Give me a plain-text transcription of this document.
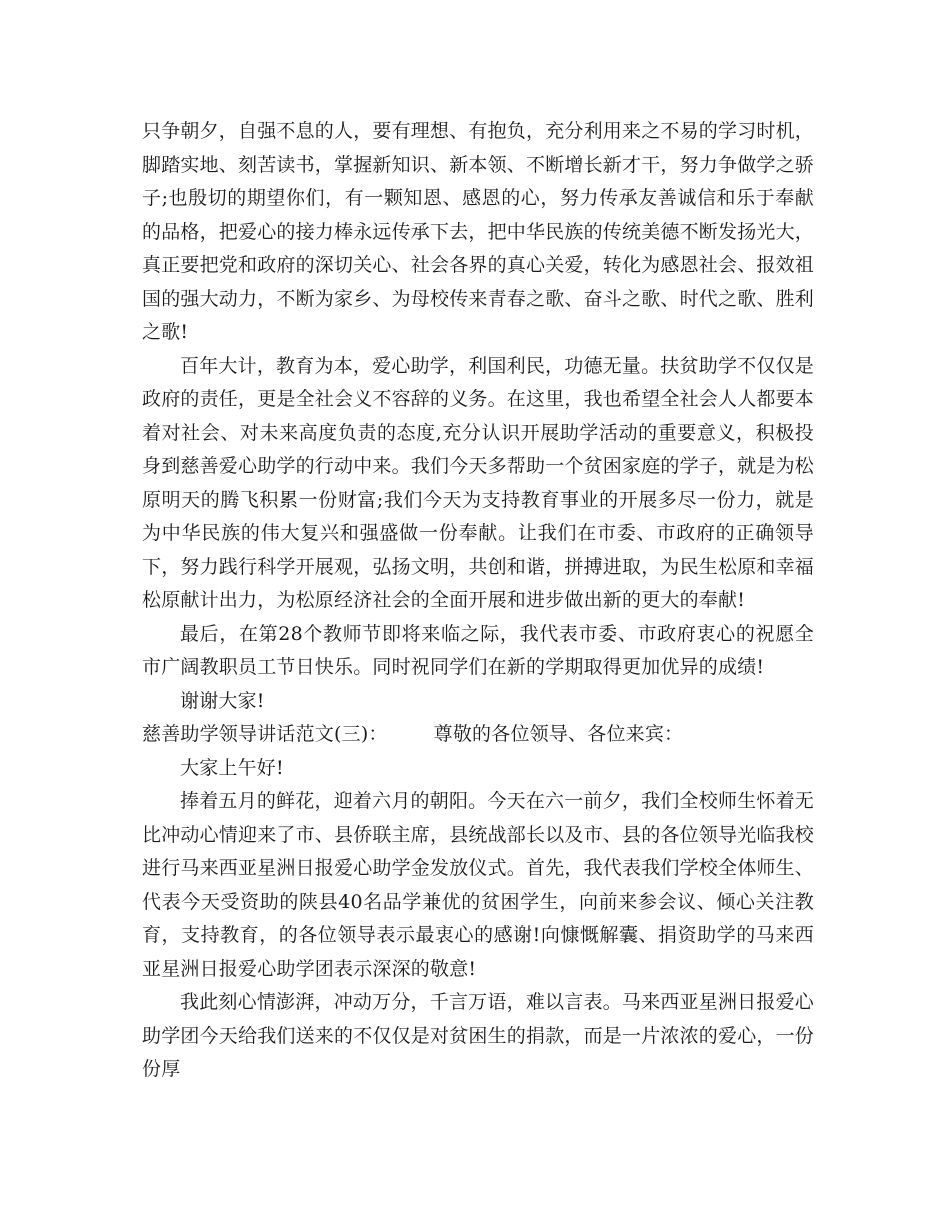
只争朝夕，自强不息的人，要有理想、有抱负，充分利用来之不易的学习时机，脚踏实地、刻苦读书，掌握新知识、新本领、不断增长新才干，努力争做学之骄子;也殷切的期望你们，有一颗知恩、感恩的心，努力传承友善诚信和乐于奉献的品格，把爱心的接力棒永远传承下去，把中华民族的传统美德不断发扬光大，真正要把党和政府的深切关心、社会各界的真心关爱，转化为感恩社会、报效祖国的强大动力，不断为家乡、为母校传来青春之歌、奋斗之歌、时代之歌、胜利之歌!

百年大计，教育为本，爱心助学，利国利民，功德无量。扶贫助学不仅仅是政府的责任，更是全社会义不容辞的义务。在这里，我也希望全社会人人都要本着对社会、对未来高度负责的态度,充分认识开展助学活动的重要意义，积极投身到慈善爱心助学的行动中来。我们今天多帮助一个贫困家庭的学子，就是为松原明天的腾飞积累一份财富;我们今天为支持教育事业的开展多尽一份力，就是为中华民族的伟大复兴和强盛做一份奉献。让我们在市委、市政府的正确领导下，努力践行科学开展观，弘扬文明，共创和谐，拼搏进取，为民生松原和幸福松原献计出力，为松原经济社会的全面开展和进步做出新的更大的奉献!

最后，在第28个教师节即将来临之际，我代表市委、市政府衷心的祝愿全市广阔教职员工节日快乐。同时祝同学们在新的学期取得更加优异的成绩!

谢谢大家!

慈善助学领导讲话范文(三)： 尊敬的各位领导、各位来宾：

大家上午好!

捧着五月的鲜花，迎着六月的朝阳。今天在六一前夕，我们全校师生怀着无比冲动心情迎来了市、县侨联主席，县统战部长以及市、县的各位领导光临我校进行马来西亚星洲日报爱心助学金发放仪式。首先，我代表我们学校全体师生、代表今天受资助的陕县40名品学兼优的贫困学生，向前来参会议、倾心关注教育，支持教育，的各位领导表示最衷心的感谢!向慷慨解囊、捐资助学的马来西亚星洲日报爱心助学团表示深深的敬意!

我此刻心情澎湃，冲动万分，千言万语，难以言表。马来西亚星洲日报爱心助学团今天给我们送来的不仅仅是对贫困生的捐款，而是一片浓浓的爱心，一份份厚
